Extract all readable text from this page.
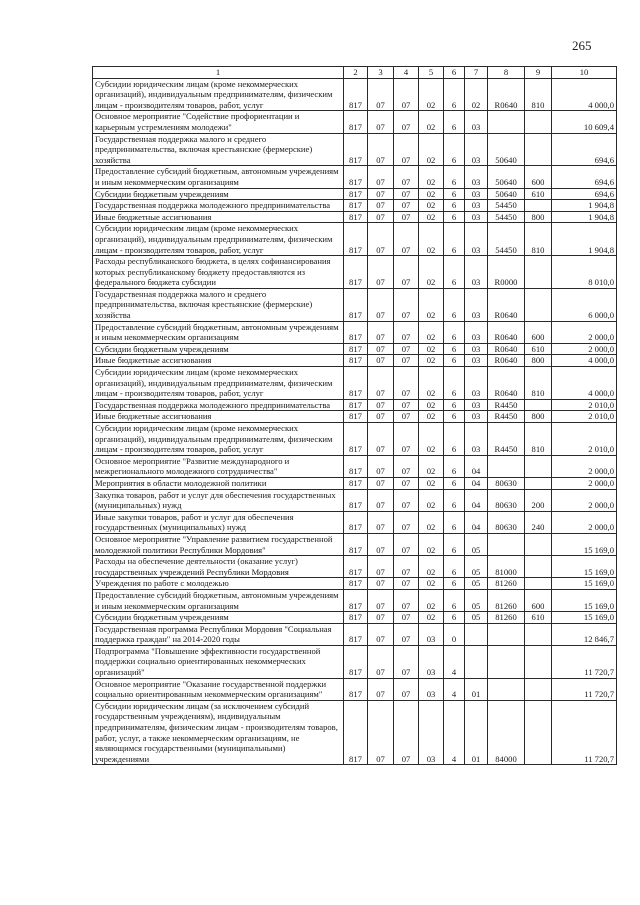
265
1	2	3	4	5	6	7	8	9	10
Субсидии юридическим лицам (кроме некоммерческих организаций), индивидуальным предпринимателям, физическим лицам - производителям товаров, работ, услуг	817	07	07	02	6	02	R0640	810	4 000,0
Основное мероприятие "Содействие профориентации и карьерным устремлениям молодежи"	817	07	07	02	6	03			10 609,4
Государственная поддержка малого и среднего предпринимательства, включая крестьянские (фермерские) хозяйства	817	07	07	02	6	03	50640		694,6
Предоставление субсидий бюджетным, автономным учреждениям и иным некоммерческим организациям	817	07	07	02	6	03	50640	600	694,6
Субсидии бюджетным учреждениям	817	07	07	02	6	03	50640	610	694,6
Государственная поддержка молодежного предпринимательства	817	07	07	02	6	03	54450		1 904,8
Иные бюджетные ассигнования	817	07	07	02	6	03	54450	800	1 904,8
Субсидии юридическим лицам (кроме некоммерческих организаций), индивидуальным предпринимателям, физическим лицам - производителям товаров, работ, услуг	817	07	07	02	6	03	54450	810	1 904,8
Расходы республиканского бюджета, в целях софинансирования которых республиканскому бюджету предоставляются из федерального бюджета субсидии	817	07	07	02	6	03	R0000		8 010,0
Государственная поддержка малого и среднего предпринимательства, включая крестьянские (фермерские) хозяйства	817	07	07	02	6	03	R0640		6 000,0
Предоставление субсидий бюджетным, автономным учреждениям и иным некоммерческим организациям	817	07	07	02	6	03	R0640	600	2 000,0
Субсидии бюджетным учреждениям	817	07	07	02	6	03	R0640	610	2 000,0
Иные бюджетные ассигнования	817	07	07	02	6	03	R0640	800	4 000,0
Субсидии юридическим лицам (кроме некоммерческих организаций), индивидуальным предпринимателям, физическим лицам - производителям товаров, работ, услуг	817	07	07	02	6	03	R0640	810	4 000,0
Государственная поддержка молодежного предпринимательства	817	07	07	02	6	03	R4450		2 010,0
Иные бюджетные ассигнования	817	07	07	02	6	03	R4450	800	2 010,0
Субсидии юридическим лицам (кроме некоммерческих организаций), индивидуальным предпринимателям, физическим лицам - производителям товаров, работ, услуг	817	07	07	02	6	03	R4450	810	2 010,0
Основное мероприятие "Развитие международного и межрегионального молодежного сотрудничества"	817	07	07	02	6	04			2 000,0
Мероприятия в области молодежной политики	817	07	07	02	6	04	80630		2 000,0
Закупка товаров, работ и услуг для обеспечения государственных (муниципальных) нужд	817	07	07	02	6	04	80630	200	2 000,0
Иные закупки товаров, работ и услуг для обеспечения государственных (муниципальных) нужд	817	07	07	02	6	04	80630	240	2 000,0
Основное мероприятие "Управление развитием государственной молодежной политики Республики Мордовия"	817	07	07	02	6	05			15 169,0
Расходы на обеспечение деятельности (оказание услуг) государственных учреждений Республики Мордовия	817	07	07	02	6	05	81000		15 169,0
Учреждения по работе с молодежью	817	07	07	02	6	05	81260		15 169,0
Предоставление субсидий бюджетным, автономным учреждениям и иным некоммерческим организациям	817	07	07	02	6	05	81260	600	15 169,0
Субсидии бюджетным учреждениям	817	07	07	02	6	05	81260	610	15 169,0
Государственная программа Республики Мордовия "Социальная поддержка граждан" на 2014-2020 годы	817	07	07	03	0				12 846,7
Подпрограмма "Повышение эффективности государственной поддержки социально ориентированных некоммерческих организаций"	817	07	07	03	4				11 720,7
Основное мероприятие "Оказание государственной поддержки социально ориентированным некоммерческим организациям"	817	07	07	03	4	01			11 720,7
Субсидии юридическим лицам (за исключением субсидий государственным учреждениям), индивидуальным предпринимателям, физическим лицам - производителям товаров, работ, услуг, а также некоммерческим организациям, не являющимся государственными (муниципальными) учреждениями	817	07	07	03	4	01	84000		11 720,7
